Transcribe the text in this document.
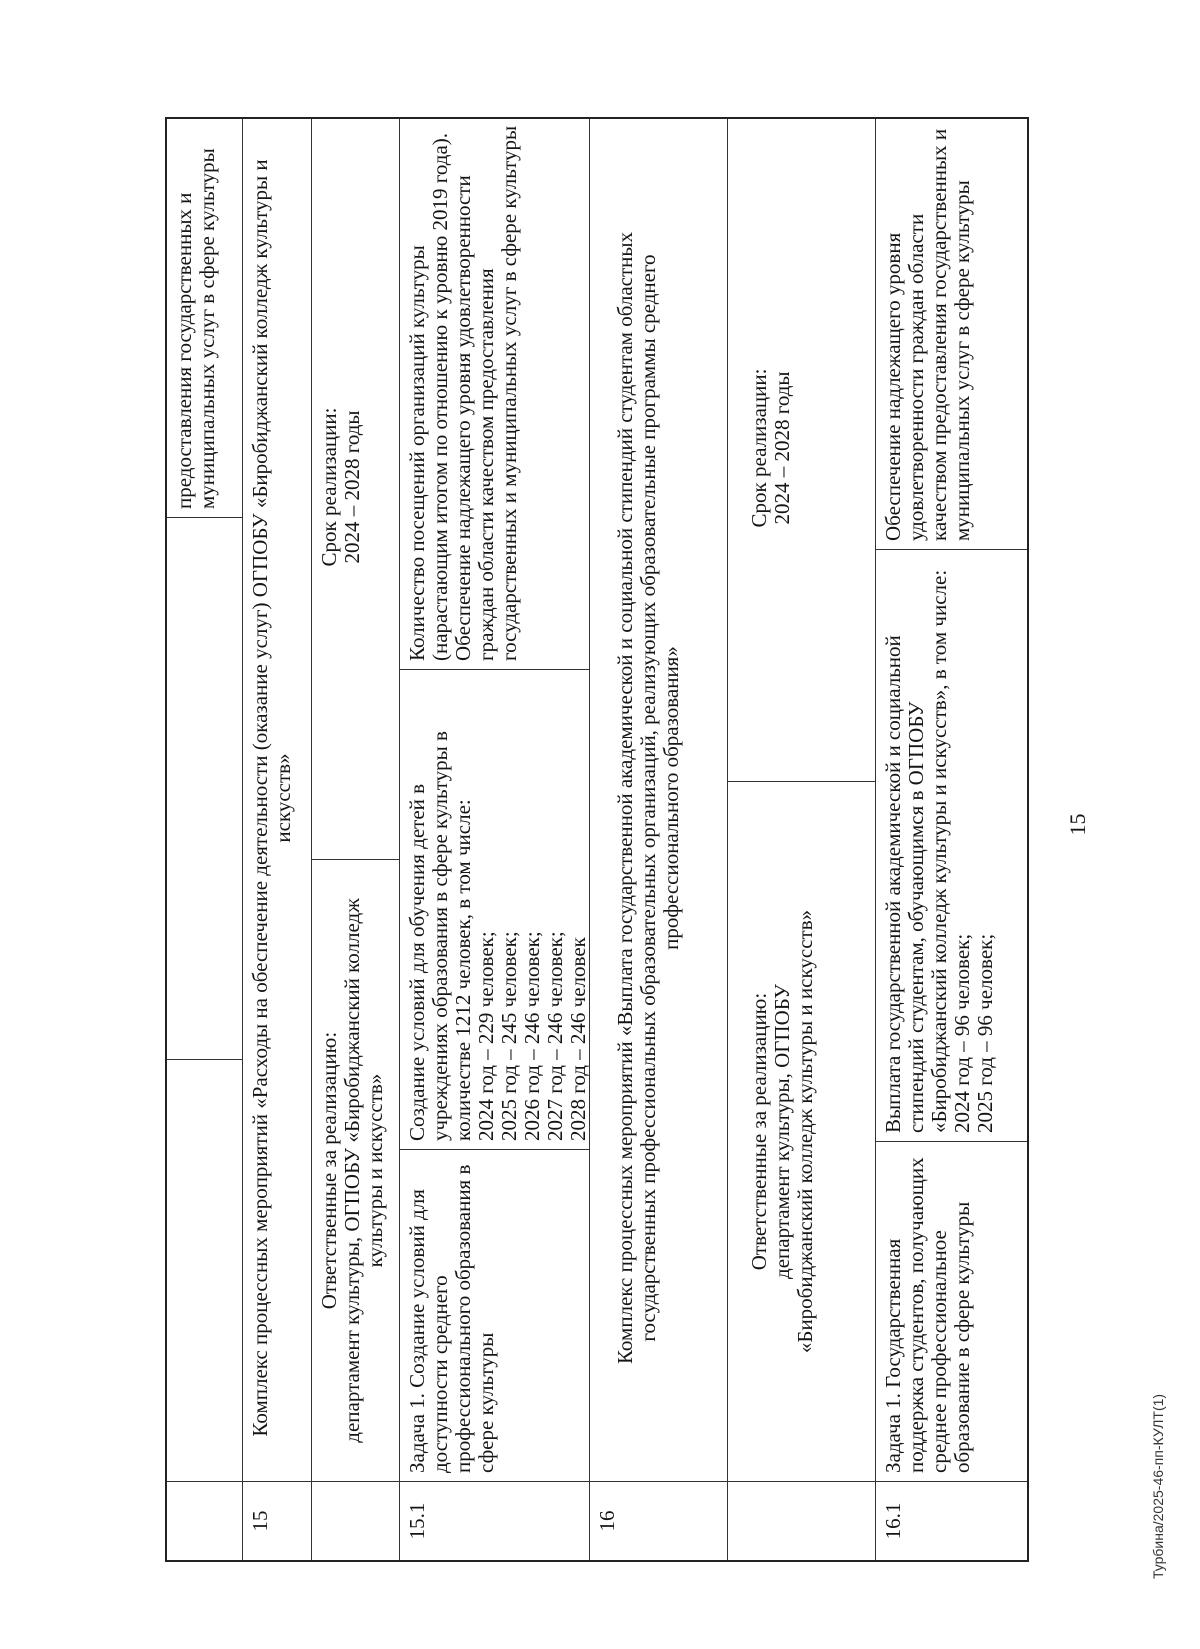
15
предоставления государственных и муниципальных услуг в сфере культуры
15
Комплекс процессных мероприятий «Расходы на обеспечение деятельности (оказание услуг) ОГПОБУ «Биробиджанский колледж культуры и искусств»
Ответственные за реализацию:
департамент культуры, ОГПОБУ «Биробиджанский колледж культуры и искусств»
Срок реализации:
2024 – 2028 годы
15.1
Задача 1. Создание условий для доступности среднего профессионального образования в сфере культуры
Создание условий для обучения детей в учреждениях образования в сфере культуры в количестве 1212 человек, в том числе:
2024 год – 229 человек;
2025 год – 245 человек;
2026 год – 246 человек;
2027 год – 246 человек;
2028 год – 246 человек
Количество посещений организаций культуры (нарастающим итогом по отношению к уровню 2019 года).
Обеспечение надлежащего уровня удовлетворенности граждан области качеством предоставления государственных и муниципальных услуг в сфере культуры
16
Комплекс процессных мероприятий «Выплата государственной академической и социальной стипендий студентам областных государственных профессиональных образовательных организаций, реализующих образовательные программы среднего профессионального образования»
Ответственные за реализацию:
департамент культуры, ОГПОБУ «Биробиджанский колледж культуры и искусств»
Срок реализации:
2024 – 2028 годы
16.1
Задача 1. Государственная поддержка студентов, получающих среднее профессиональное образование в сфере культуры
Выплата государственной академической и социальной стипендий студентам, обучающимся в ОГПОБУ «Биробиджанский колледж культуры и искусств», в том числе:
2024 год – 96 человек;
2025 год – 96 человек;
Обеспечение надлежащего уровня удовлетворенности граждан области качеством предоставления государственных и муниципальных услуг в сфере культуры
Турбина/2025-46-пп-КУЛТ(1)
